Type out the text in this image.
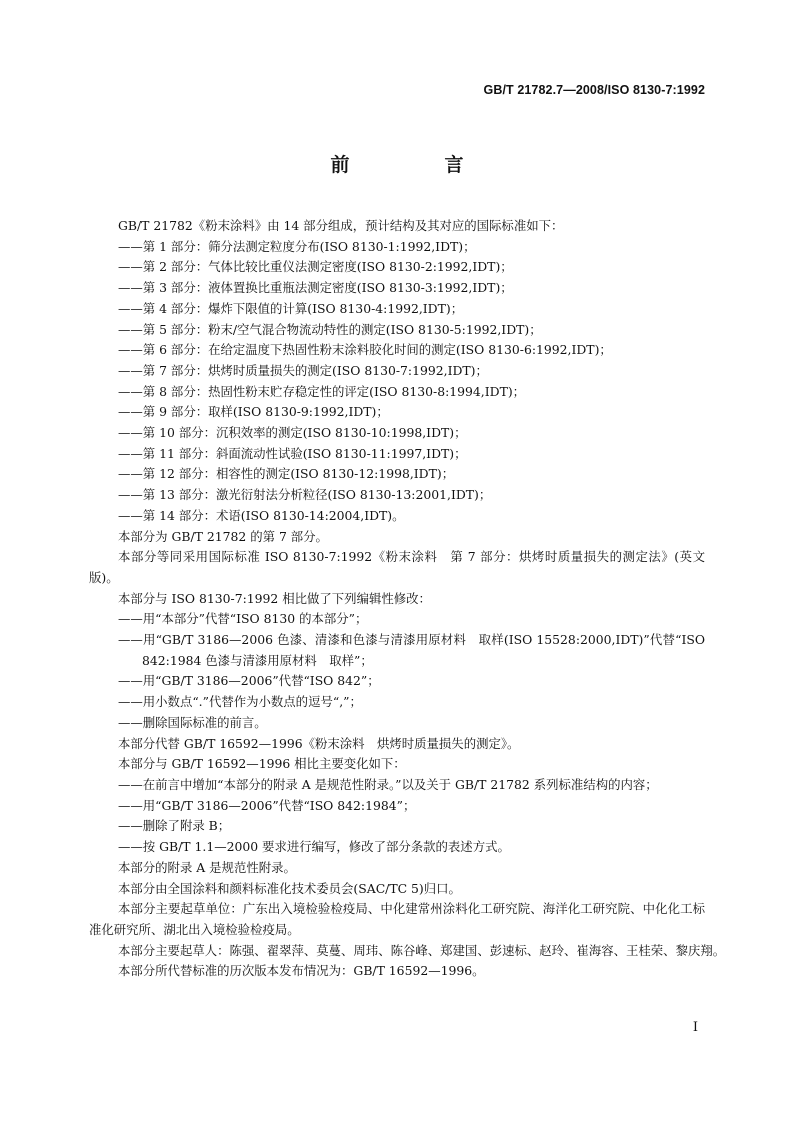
GB/T 21782.7—2008/ISO 8130-7:1992
前　言

GB/T 21782《粉末涂料》由 14 部分组成，预计结构及其对应的国际标准如下：

——第 1 部分：筛分法测定粒度分布(ISO 8130-1:1992,IDT)；

——第 2 部分：气体比较比重仪法测定密度(ISO 8130-2:1992,IDT)；

——第 3 部分：液体置换比重瓶法测定密度(ISO 8130-3:1992,IDT)；

——第 4 部分：爆炸下限值的计算(ISO 8130-4:1992,IDT)；

——第 5 部分：粉末/空气混合物流动特性的测定(ISO 8130-5:1992,IDT)；

——第 6 部分：在给定温度下热固性粉末涂料胶化时间的测定(ISO 8130-6:1992,IDT)；

——第 7 部分：烘烤时质量损失的测定(ISO 8130-7:1992,IDT)；

——第 8 部分：热固性粉末贮存稳定性的评定(ISO 8130-8:1994,IDT)；

——第 9 部分：取样(ISO 8130-9:1992,IDT)；

——第 10 部分：沉积效率的测定(ISO 8130-10:1998,IDT)；

——第 11 部分：斜面流动性试验(ISO 8130-11:1997,IDT)；

——第 12 部分：相容性的测定(ISO 8130-12:1998,IDT)；

——第 13 部分：激光衍射法分析粒径(ISO 8130-13:2001,IDT)；

——第 14 部分：术语(ISO 8130-14:2004,IDT)。

本部分为 GB/T 21782 的第 7 部分。

本部分等同采用国际标准 ISO 8130-7:1992《粉末涂料　第 7 部分：烘烤时质量损失的测定法》(英文版)。

本部分与 ISO 8130-7:1992 相比做了下列编辑性修改：

——用“本部分”代替“ISO 8130 的本部分”；

——用“GB/T 3186—2006 色漆、清漆和色漆与清漆用原材料　取样(ISO 15528:2000,IDT)”代替“ISO 842:1984 色漆与清漆用原材料　取样”；

——用“GB/T 3186—2006”代替“ISO 842”；

——用小数点“.”代替作为小数点的逗号“,”；

——删除国际标准的前言。

本部分代替 GB/T 16592—1996《粉末涂料　烘烤时质量损失的测定》。

本部分与 GB/T 16592—1996 相比主要变化如下：

——在前言中增加“本部分的附录 A 是规范性附录。”以及关于 GB/T 21782 系列标准结构的内容；

——用“GB/T 3186—2006”代替“ISO 842:1984”；

——删除了附录 B；

——按 GB/T 1.1—2000 要求进行编写，修改了部分条款的表述方式。

本部分的附录 A 是规范性附录。

本部分由全国涂料和颜料标准化技术委员会(SAC/TC 5)归口。

本部分主要起草单位：广东出入境检验检疫局、中化建常州涂料化工研究院、海洋化工研究院、中化化工标准化研究所、湖北出入境检验检疫局。

本部分主要起草人：陈强、翟翠萍、莫蔓、周玮、陈谷峰、郑建国、彭速标、赵玲、崔海容、王桂荣、黎庆翔。

本部分所代替标准的历次版本发布情况为：GB/T 16592—1996。

I
